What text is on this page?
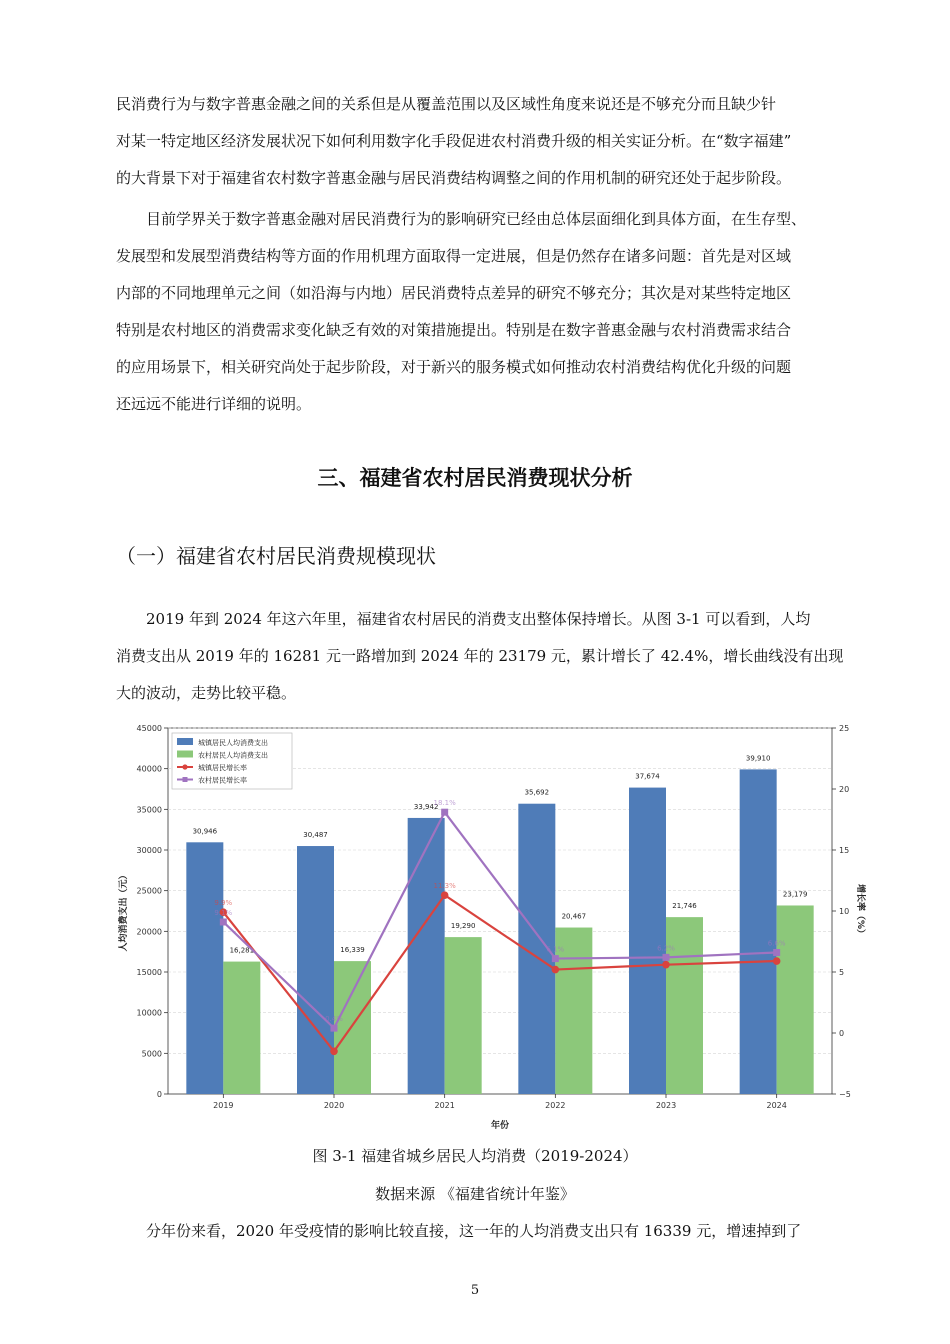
民消费行为与数字普惠金融之间的关系但是从覆盖范围以及区域性角度来说还是不够充分而且缺少针
对某一特定地区经济发展状况下如何利用数字化手段促进农村消费升级的相关实证分析。在“数字福建”
的大背景下对于福建省农村数字普惠金融与居民消费结构调整之间的作用机制的研究还处于起步阶段。
目前学界关于数字普惠金融对居民消费行为的影响研究已经由总体层面细化到具体方面，在生存型、
发展型和发展型消费结构等方面的作用机理方面取得一定进展，但是仍然存在诸多问题：首先是对区域
内部的不同地理单元之间（如沿海与内地）居民消费特点差异的研究不够充分；其次是对某些特定地区
特别是农村地区的消费需求变化缺乏有效的对策措施提出。特别是在数字普惠金融与农村消费需求结合
的应用场景下，相关研究尚处于起步阶段，对于新兴的服务模式如何推动农村消费结构优化升级的问题
还远远不能进行详细的说明。
三、福建省农村居民消费现状分析
（一）福建省农村居民消费规模现状
2019 年到 2024 年这六年里，福建省农村居民的消费支出整体保持增长。从图 3-1 可以看到，人均
消费支出从 2019 年的 16281 元一路增加到 2024 年的 23179 元，累计增长了 42.4%，增长曲线没有出现
大的波动，走势比较平稳。
0
5000
10000
15000
20000
25000
30000
35000
40000
45000
−5
0
5
10
15
20
25
30,946	30,487
33,942
35,692
37,674
39,910
16,281	16,339
19,290
20,467
21,746
23,179
9.9%
11.3%
9.1%
0.4%
18.1%
6.1%	6.2%
6.6%
2019	2020	2021	2022	2023	2024
年份
人均消费支出（元）	增长率（%）
城镇居民人均消费支出
农村居民人均消费支出
城镇居民增长率
农村居民增长率
图 3-1 福建省城乡居民人均消费（2019-2024）
数据来源 《福建省统计年鉴》
分年份来看，2020 年受疫情的影响比较直接，这一年的人均消费支出只有 16339 元，增速掉到了
5
